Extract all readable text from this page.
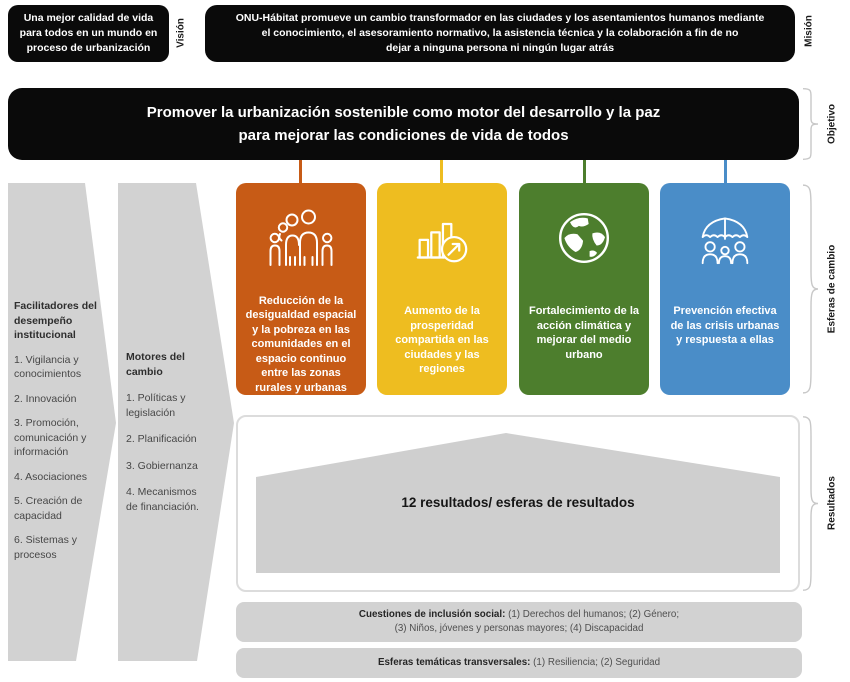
Una mejor calidad de vida
para todos en un mundo en
proceso de urbanización
Visión
ONU-Hábitat promueve un cambio transformador en las ciudades y los asentamientos humanos mediante
el conocimiento, el asesoramiento normativo, la asistencia técnica y la colaboración a fin de no
dejar a ninguna persona ni ningún lugar atrás
Misión
Promover la urbanización sostenible como motor del desarrollo y la paz
para mejorar las condiciones de vida de todos	Objetivo
Reducción de la desigualdad espacial y la pobreza en las comunidades en el espacio continuo entre las zonas rurales y urbanas
Aumento de la prosperidad compartida en las ciudades y las regiones
Fortalecimiento de la acción climática y mejorar del medio urbano
Prevención efectiva de las crisis urbanas y respuesta a ellas
Esferas de cambio
Facilitadores del desempeño institucional
1. Vigilancia y conocimientos
2. Innovación
3. Promoción, comunicación y información
4. Asociaciones
5. Creación de capacidad
6. Sistemas y procesos
Motores del cambio
1. Políticas y legislación
2. Planificación
3. Gobiernanza
4. Mecanismos de financiación.	12 resultados/ esferas de resultados	Resultados
Cuestiones de inclusión social: (1) Derechos del humanos; (2) Género;
(3) Niños, jóvenes y personas mayores; (4) Discapacidad
Esferas temáticas transversales: (1) Resiliencia; (2) Seguridad
